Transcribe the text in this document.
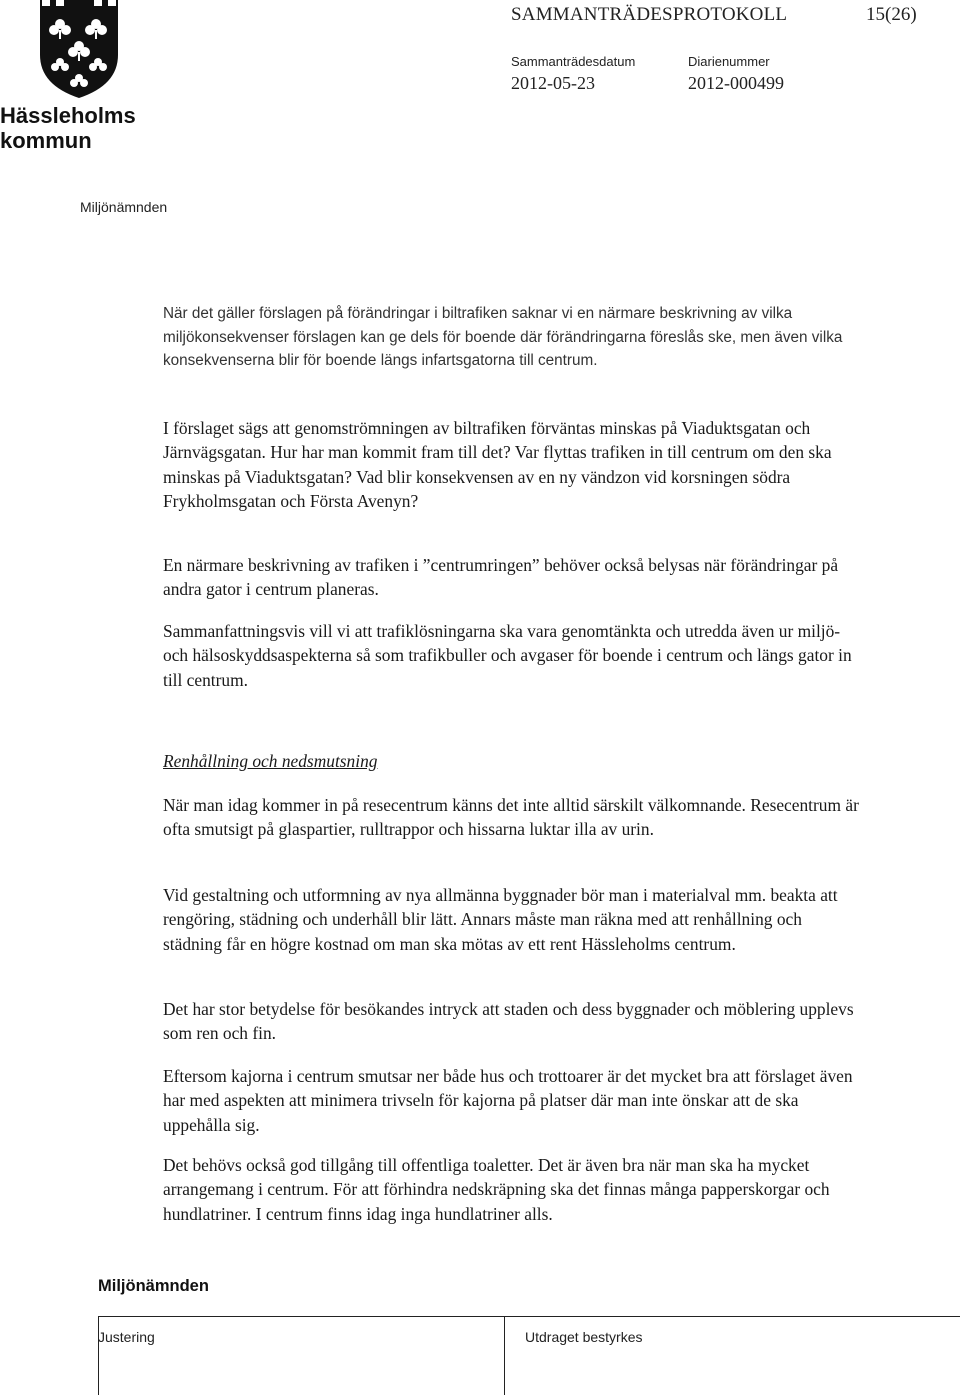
Hässleholms
kommun
SAMMANTRÄDESPROTOKOLL	15(26)
Sammanträdesdatum	Diarienummer
2012-05-23	2012-000499
Miljönämnden

När det gäller förslagen på förändringar i biltrafiken saknar vi en närmare beskrivning av vilka miljökonsekvenser förslagen kan ge dels för boende där förändringarna föreslås ske, men även vilka konsekvenserna blir för boende längs infartsgatorna till centrum.

I förslaget sägs att genomströmningen av biltrafiken förväntas minskas på Viaduktsgatan och Järnvägsgatan. Hur har man kommit fram till det? Var flyttas trafiken in till centrum om den ska minskas på Viaduktsgatan? Vad blir konsekvensen av en ny vändzon vid korsningen södra Frykholmsgatan och Första Avenyn?

En närmare beskrivning av trafiken i ”centrumringen” behöver också belysas när förändringar på andra gator i centrum planeras.

Sammanfattningsvis vill vi att trafiklösningarna ska vara genomtänkta och utredda även ur miljö- och hälsoskyddsaspekterna så som trafikbuller och avgaser för boende i centrum och längs gator in till centrum.

Renhållning och nedsmutsning

När man idag kommer in på resecentrum känns det inte alltid särskilt välkomnande. Resecentrum är ofta smutsigt på glaspartier, rulltrappor och hissarna luktar illa av urin.

Vid gestaltning och utformning av nya allmänna byggnader bör man i materialval mm. beakta att rengöring, städning och underhåll blir lätt. Annars måste man räkna med att renhållning och städning får en högre kostnad om man ska mötas av ett rent Hässleholms centrum.

Det har stor betydelse för besökandes intryck att staden och dess byggnader och möblering upplevs som ren och fin.

Eftersom kajorna i centrum smutsar ner både hus och trottoarer är det mycket bra att förslaget även har med aspekten att minimera trivseln för kajorna på platser där man inte önskar att de ska uppehålla sig.

Det behövs också god tillgång till offentliga toaletter. Det är även bra när man ska ha mycket arrangemang i centrum. För att förhindra nedskräpning ska det finnas många papperskorgar och hundlatriner. I centrum finns idag inga hundlatriner alls.

Miljönämnden
Justering	Utdraget bestyrkes
